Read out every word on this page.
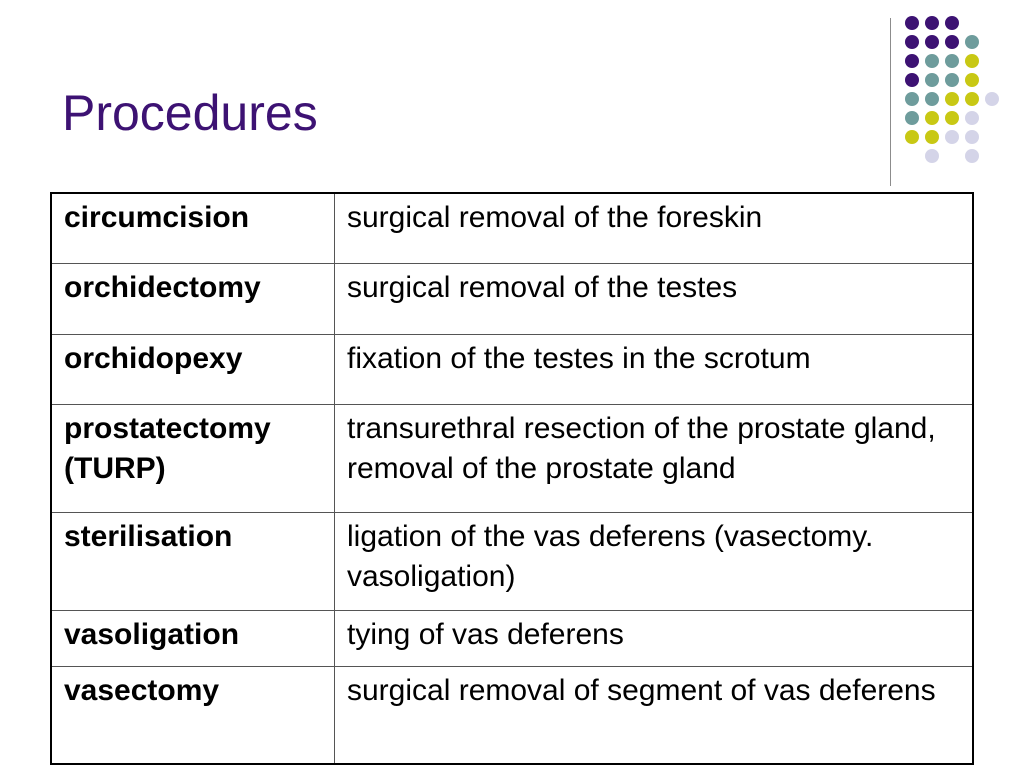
Procedures
circumcision	surgical removal of the foreskin
orchidectomy	surgical removal of the testes
orchidopexy	fixation of the testes in the scrotum
prostatectomy (TURP)	transurethral resection of the prostate gland, removal of the prostate gland
sterilisation	ligation of the vas deferens (vasectomy. vasoligation)
vasoligation	tying of vas deferens
vasectomy	surgical removal of segment of vas deferens
